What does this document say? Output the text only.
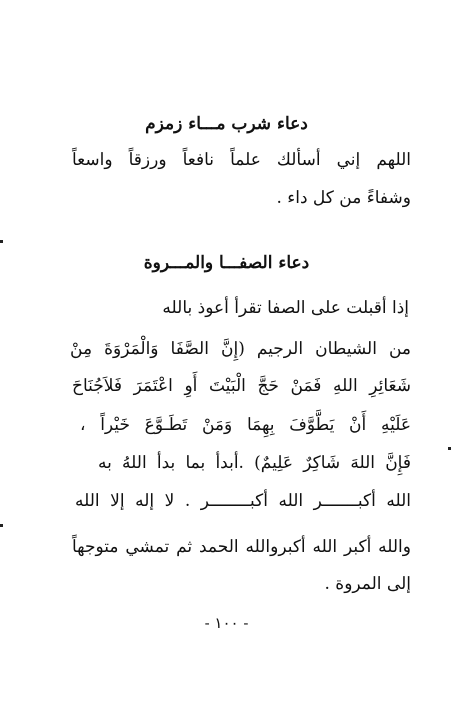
دعاء شرب مـــاء زمزم
اللهم إني أسألك علماً نافعاً ورزقاً واسعاً
وشفاءً من كل داء .
دعاء الصفـــا والمـــروة
إذا أقبلت على الصفا تقرأ أعوذ بالله
من الشيطان الرجيم (إِنَّ الصَّفَا وَالْمَرْوَةَ مِنْ
شَعَائِرِ اللهِ فَمَنْ حَجَّ الْبَيْتَ أَوِ اعْتَمَرَ فَلاَجُنَاحَ
عَلَيْهِ أَنْ يَطَّوَّفَ بِهِمَا وَمَنْ تَطَـوَّعَ خَيْراً ،
فَإِنَّ اللهَ شَاكِرٌ عَلِيمٌ) .أبدأ بما بدأ اللهُ به
الله أكبـــــــر الله أكبــــــــر . لا إله إلا الله
والله أكبر الله أكبروالله الحمد ثم تمشي متوجهاً
إلى المروة .
- ١٠٠ -
